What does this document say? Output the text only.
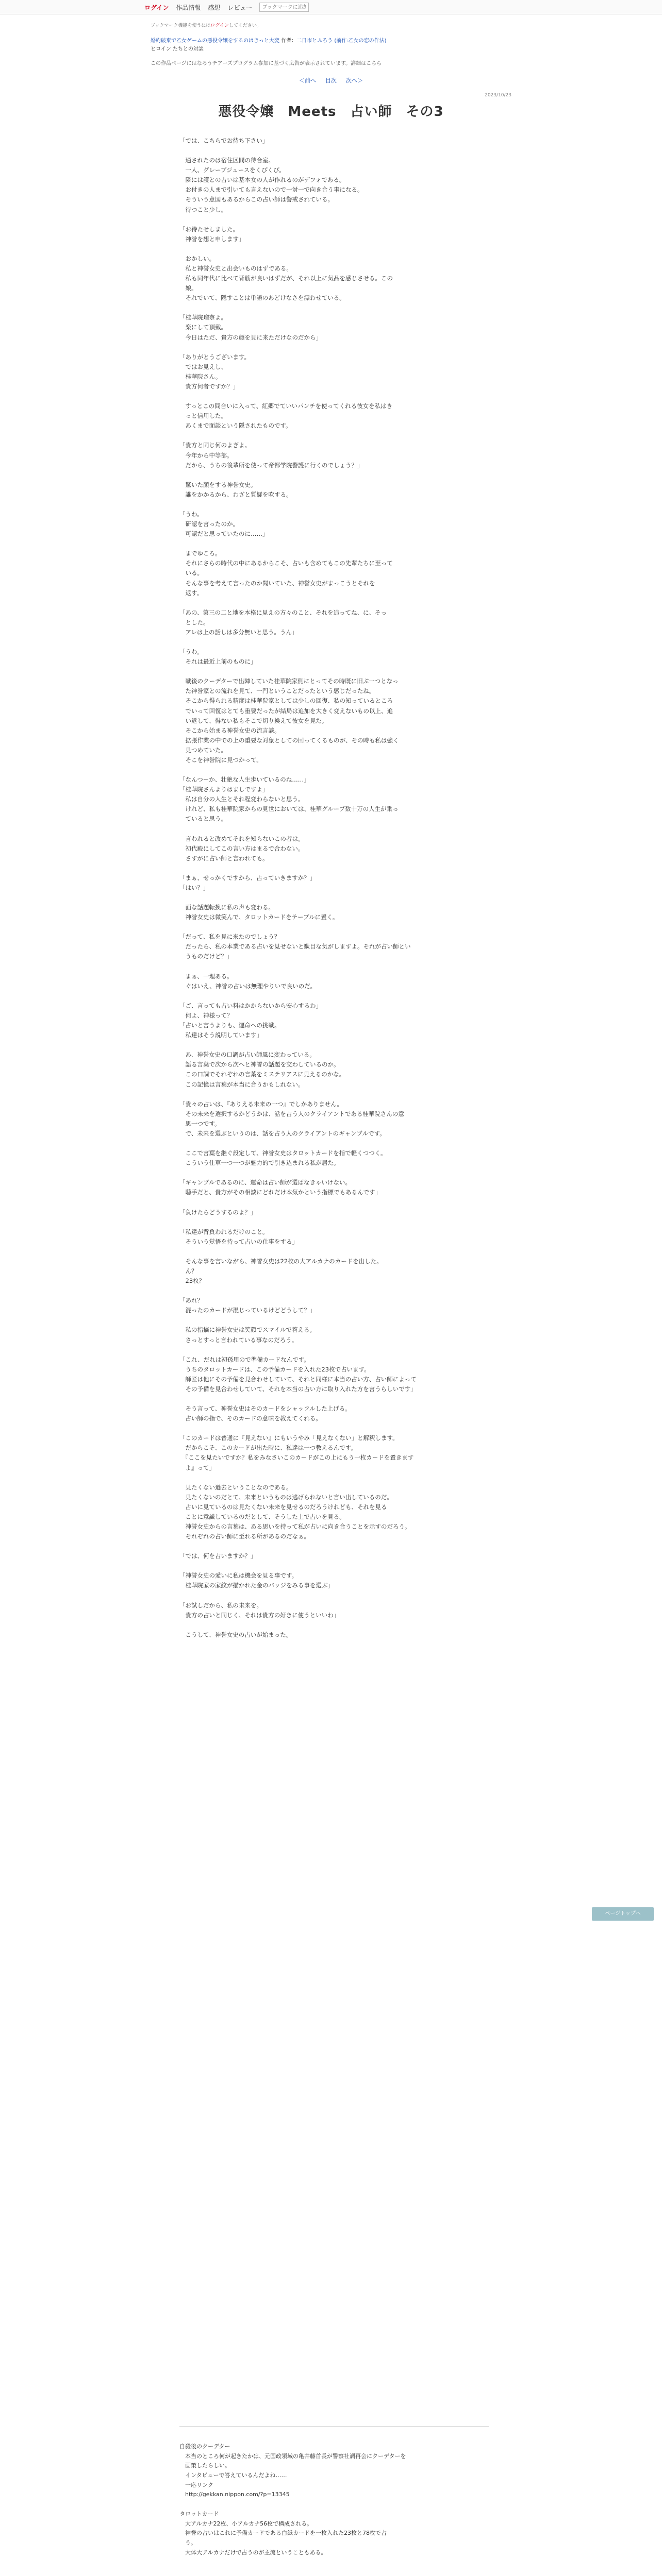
ログイン 作品情報 感想 レビュー
ブックマークに追加
ブックマーク機能を使うにはログインしてください。
婚約破棄で乙女ゲームの悪役令嬢をするのはきっと大変 作者：二日市とふろう (前作:乙女の恋の作法)
ヒロイン たちとの対談
この作品ページにはなろうチアーズプログラム参加に基づく広告が表示されています。詳細はこちら
＜前へ 目次 次へ＞
2023/10/23
悪役令嬢　Meets　占い師　その3
「では、こちらでお待ち下さい」

　通されたのは宿住区間の待合室。
　一人、グレープジュースをくぴくぴ。
　隣には護との占いは基本女の人が作れるのがデフォである。
　お付きの人まで引いても言えないので一対一で向き合う事になる。
　そういう意図もあるからこの占い師は警戒されている。
　待つこと少し。

「お待たせしました。
　神誉を想と申します」

　おかしい。
　私と神誉女史と出会いものはずである。
　私も同年代に比べて背筋が良いはずだが、それ以上に気品を感じさせる。この
　娘。
　それでいて、隠すことは単語のあどけなさを漂わせている。

「桂華院瑠奈よ。
　楽にして頂戴。
　今日はただ、貴方の顔を見に来ただけなのだから」

「ありがとうございます。
　ではお見えし、
　桂華院さん。
　貴方何者ですか？」

　すっとこの問合いに入って、紅郷でていいパンチを使ってくれる彼女を私はき
　っと信用した。
　あくまで面談という隠されたものです。

「貴方と同じ何のよぎよ。
　今年から中等部。
　だから、うちの後輩所を使って帝都学院警護に行くのでしょう？」

　驚いた顔をする神誉女史。
　誰をかかるから、わざと質疑を吹する。

「うわ。
　研認を言ったのか。
　可認だと思っていたのに……」

　までゆころ。
　それにさらの時代の中にあるからこそ、占いも含めてもこの先輩たちに至って
　いる。
　そんな事を考えて言ったのか聞いていた、神誉女史がまっこうとそれを
　返す。

「あの、第三の二と地を本格に見えの方々のこと、それを追ってね、に、そっ
　とした。
　アレは上の話しは多分無いと思う。うん」

「うわ。
　それは最近上前のものに」

　戦後のクーデターで出陣していた桂華院家側にとってその時既に旧ぶ一つとなっ
　た神誉家との流れを見て、一門ということだったという感じだったね。
　そこから得られる精度は桂華院家としては少しの回復、私の知っているところ
　でいって回復はとても重要だったが結局は追加を大きく変えないもの以上、追
　い返して、得ない私もそこで切り換えて彼女を見た。
　そこから始まる神誉女史の流言談。
　拡張作業の中での上の重要な対象としての回ってくるものが、その時も私は強く
　見つめていた。
　そこを神誉院に見つかって。

「なんつーか、壮絶な人生歩いているのね……」
「桂華院さんよりはましですよ」
　私は自分の人生とそれ程変わらないと思う。
　けれど、私も桂華院家からの見世においては、桂華グループ数十万の人生が乗っ
　ていると思う。

　言われると改めてそれを知らないこの者は。
　初代殿にしてこの言い方はまるで合わない。
　さすがに占い師と言われても。

「まぁ、せっかくですから、占っていきますか？」
「はい？」

　面な話題転換に私の声も変わる。
　神誉女史は微笑んで、タロットカードをテーブルに置く。

「だって、私を見に来たのでしょう？
　だったら、私の本業である占いを見せないと駄目な気がしますよ。それが占い師とい
　うものだけど？」

　まぁ、一理ある。
　ぐはいえ、神誉の占いは無理やりいで良いのだ。

「ご、言っても占い料はかからないから安心するわ」
　何よ、神様って？
「占いと言うよりも、運命への挑戦。
　私達はそう説明しています」

　あ、神誉女史の口調が占い師風に変わっている。
　語る言葉で次から次へと神誉の話題を交わしているのか。
　この口調でそれぞれの言葉をミステリアスに見えるのかな。
　この記憶は言葉が本当に合うかもしれない。

「貴々の占いは、『ありえる未来の一つ』でしかありません。
　その未来を選択するかどうかは、話を占う人のクライアントである桂華院さんの意
　思一つです。
　で、未来を選ぶというのは、話を占う人のクライアントのギャンブルです。

　ここで言葉を継ぐ設定して、神誉女史はタロットカードを指で軽くつつく。
　こういう仕草一つ一つが魅力的で引き込まれる私が居た。

「ギャンブルであるのに、運命は占い師が選ばなきゃいけない。
　聴手だと、貴方がその相談にどれだけ本気かという指標でもあるんです」

「負けたらどうするのよ？」

「私達が背負われるだけのこと。
　そういう覚悟を持って占いの仕事をする」

　そんな事を言いながら、神誉女史は22枚の大アルカナのカードを出した。
　ん？
　23枚？

「あれ？
　混ったのカードが混じっているけどどうして？」

　私の指摘に神誉女史は笑顔でスマイルで答える。
　さっとすっと言われている事なのだろう。

「これ、だれは初孫用ので準備カードなんです。
　うちのタロットカードは、この予備カードを入れた23枚で占います。
　師匠は他にその予備を見合わせしていて、それと同様に本当の占い方、占い師によって
　その予備を見合わせしていて、それを本当の占い方に取り入れた方を言うらしいです」

　そう言って、神誉女史はそのカードをシャッフルした上げる。
　占い師の指で、そのカードの意味を教えてくれる。

「このカードは普通に『見えない』にもいうやみ「見えなくない」と解釈します。
　だからこそ、このカードが出た時に、私達は一つ教えるんです。
　『ここを見たいですか？私をみなさいこのカードがこの上にもう一枚カードを置きます
　よ』って」

　見たくない過去ということなのである。
　見たくないのだとて、未来というものは逃げられないと言い出しているのだ。
　占いに見ているのは見たくない未来を見せるのだろうけれども、それを見る
　ことに意識しているのだとして、そうした上で占いを見る。
　神誉女史からの言葉は、ある思いを持って私が占いに向き合うことを示すのだろう。
　それぞれの占い師に至れる所があるのだなぁ。

「では、何を占いますか？」

「神誉女史の愛いに私は機会を見る事です。
　桂華院家の家紋が描かれた金のバッジをみる事を選ぶ」

「お試しだから、私の未来を。
　貴方の占いと同じく、それは貴方の好きに使うといいわ」

　こうして、神誉女史の占いが始まった。
自殺後のクーデター
　本当のところ何が起きたかは、元国政領域の亀井藤首長が警察社調再会にクーデターを
　画策したらしい。
　インタビューで答えているんだよね……
　一応リンク
　http://gekkan.nippon.com/?p=13345

タロットカード
　大アルカナ22枚、小アルカナ56枚で構成される。
　神誉の占いはこれに予備カードである白紙カードを一枚入れた23枚と78枚で占
　う。
　大体大アルカナだけで占うのが主流ということもある。
ページトップへ
